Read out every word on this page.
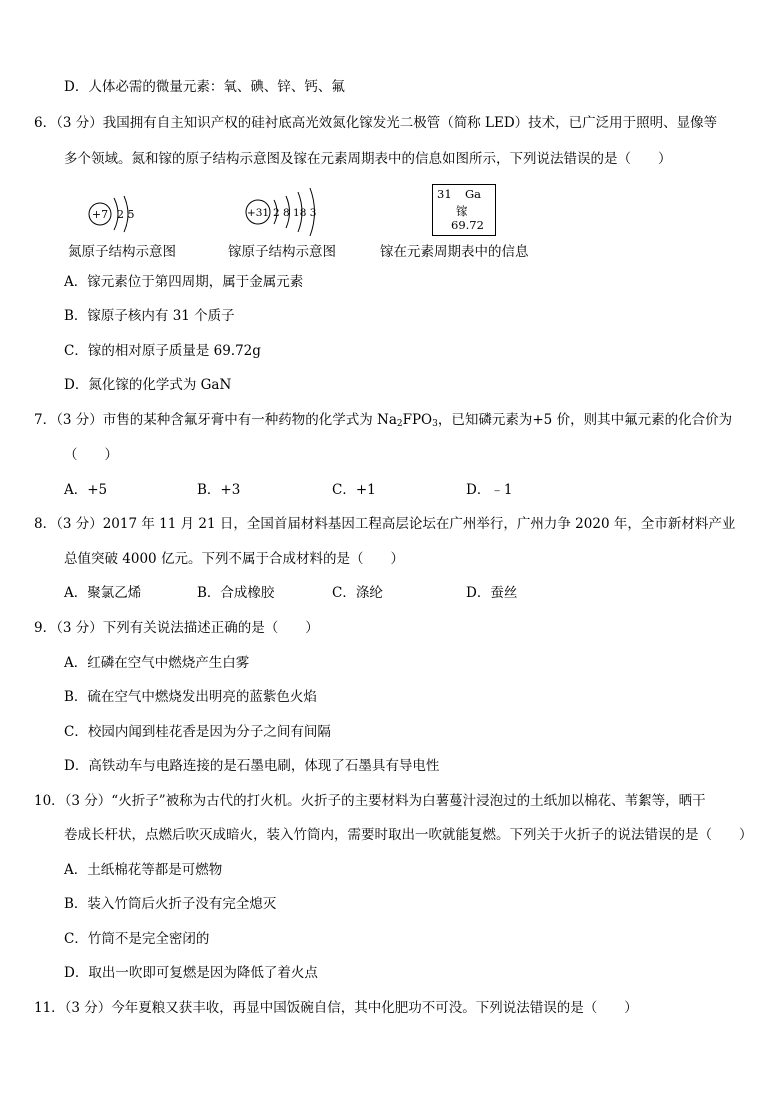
D．人体必需的微量元素：氧、碘、锌、钙、氟
6．（3 分）我国拥有自主知识产权的硅衬底高光效氮化镓发光二极管（简称 LED）技术，已广泛用于照明、显像等
多个领域。氮和镓的原子结构示意图及镓在元素周期表中的信息如图所示，下列说法错误的是（　　）
+7 2 5
氮原子结构示意图
+31 2 8 18 3
镓原子结构示意图
31 Ga
镓
69.72
镓在元素周期表中的信息
A．镓元素位于第四周期，属于金属元素
B．镓原子核内有 31 个质子
C．镓的相对原子质量是 69.72g
D．氮化镓的化学式为 GaN
7．（3 分）市售的某种含氟牙膏中有一种药物的化学式为 $Na_2FPO_3$，已知磷元素为+5 价，则其中氟元素的化合价为
（　　）
A．+5	B．+3	C．+1	D．﹣1
8．（3 分）2017 年 11 月 21 日，全国首届材料基因工程高层论坛在广州举行，广州力争 2020 年，全市新材料产业
总值突破 4000 亿元。下列不属于合成材料的是（　　）
A．聚氯乙烯	B．合成橡胶	C．涤纶	D．蚕丝
9．（3 分）下列有关说法描述正确的是（　　）
A．红磷在空气中燃烧产生白雾
B．硫在空气中燃烧发出明亮的蓝紫色火焰
C．校园内闻到桂花香是因为分子之间有间隔
D．高铁动车与电路连接的是石墨电刷，体现了石墨具有导电性
10．（3 分）“火折子”被称为古代的打火机。火折子的主要材料为白薯蔓汁浸泡过的土纸加以棉花、苇絮等，晒干
卷成长杆状，点燃后吹灭成暗火，装入竹筒内，需要时取出一吹就能复燃。下列关于火折子的说法错误的是（　　）
A．土纸棉花等都是可燃物
B．装入竹筒后火折子没有完全熄灭
C．竹筒不是完全密闭的
D．取出一吹即可复燃是因为降低了着火点
11．（3 分）今年夏粮又获丰收，再显中国饭碗自信，其中化肥功不可没。下列说法错误的是（　　）
